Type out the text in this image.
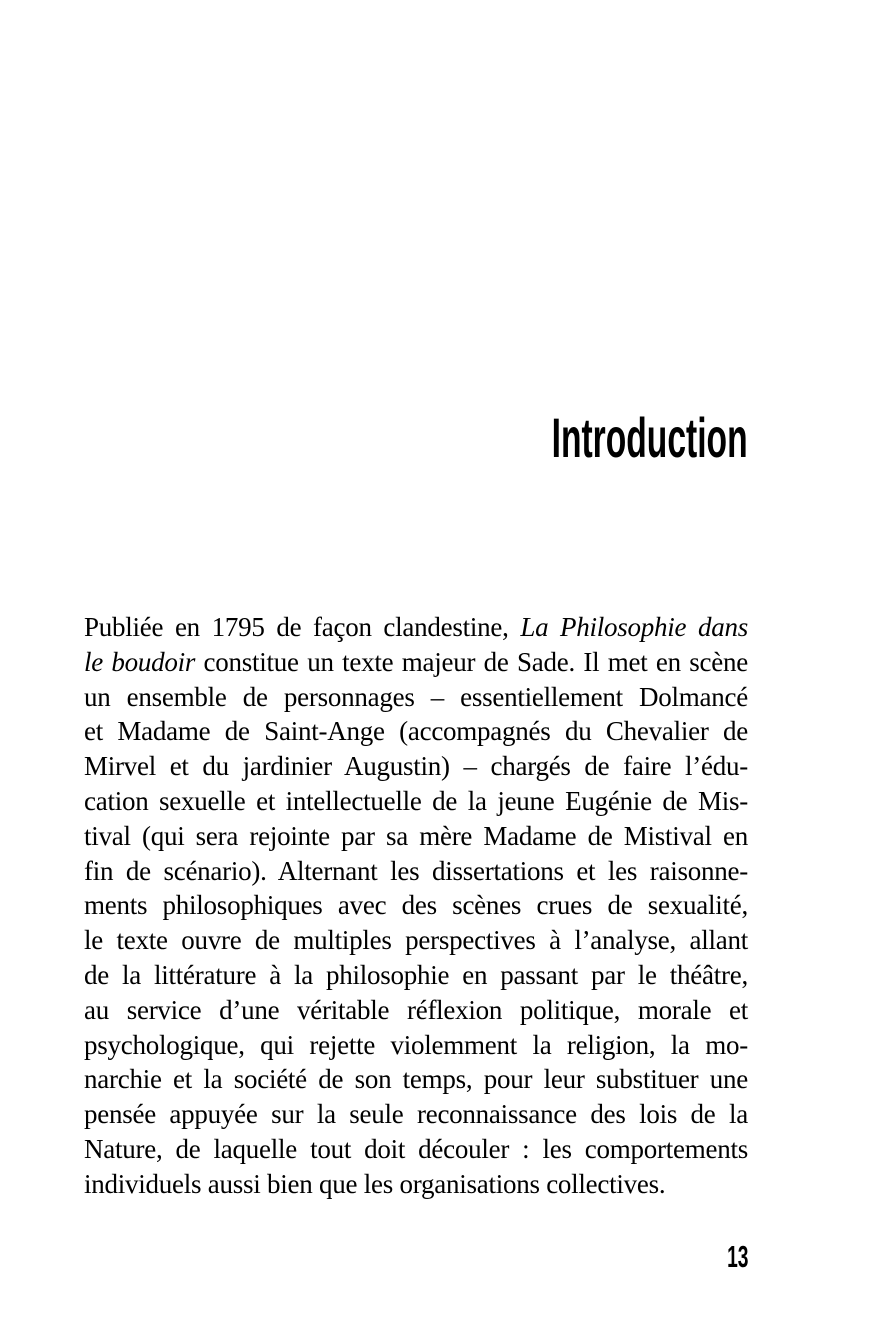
Introduction
Publiée en 1795 de façon clandestine, La Philosophie dans
le boudoir constitue un texte majeur de Sade. Il met en scène
un ensemble de personnages – essentiellement Dolmancé
et Madame de Saint-Ange (accompagnés du Chevalier de
Mirvel et du jardinier Augustin) – chargés de faire l’édu-
cation sexuelle et intellectuelle de la jeune Eugénie de Mis-
tival (qui sera rejointe par sa mère Madame de Mistival en
fin de scénario). Alternant les dissertations et les raisonne-
ments philosophiques avec des scènes crues de sexualité,
le texte ouvre de multiples perspectives à l’analyse, allant
de la littérature à la philosophie en passant par le théâtre,
au service d’une véritable réflexion politique, morale et
psychologique, qui rejette violemment la religion, la mo-
narchie et la société de son temps, pour leur substituer une
pensée appuyée sur la seule reconnaissance des lois de la
Nature, de laquelle tout doit découler : les comportements
individuels aussi bien que les organisations collectives.
13
